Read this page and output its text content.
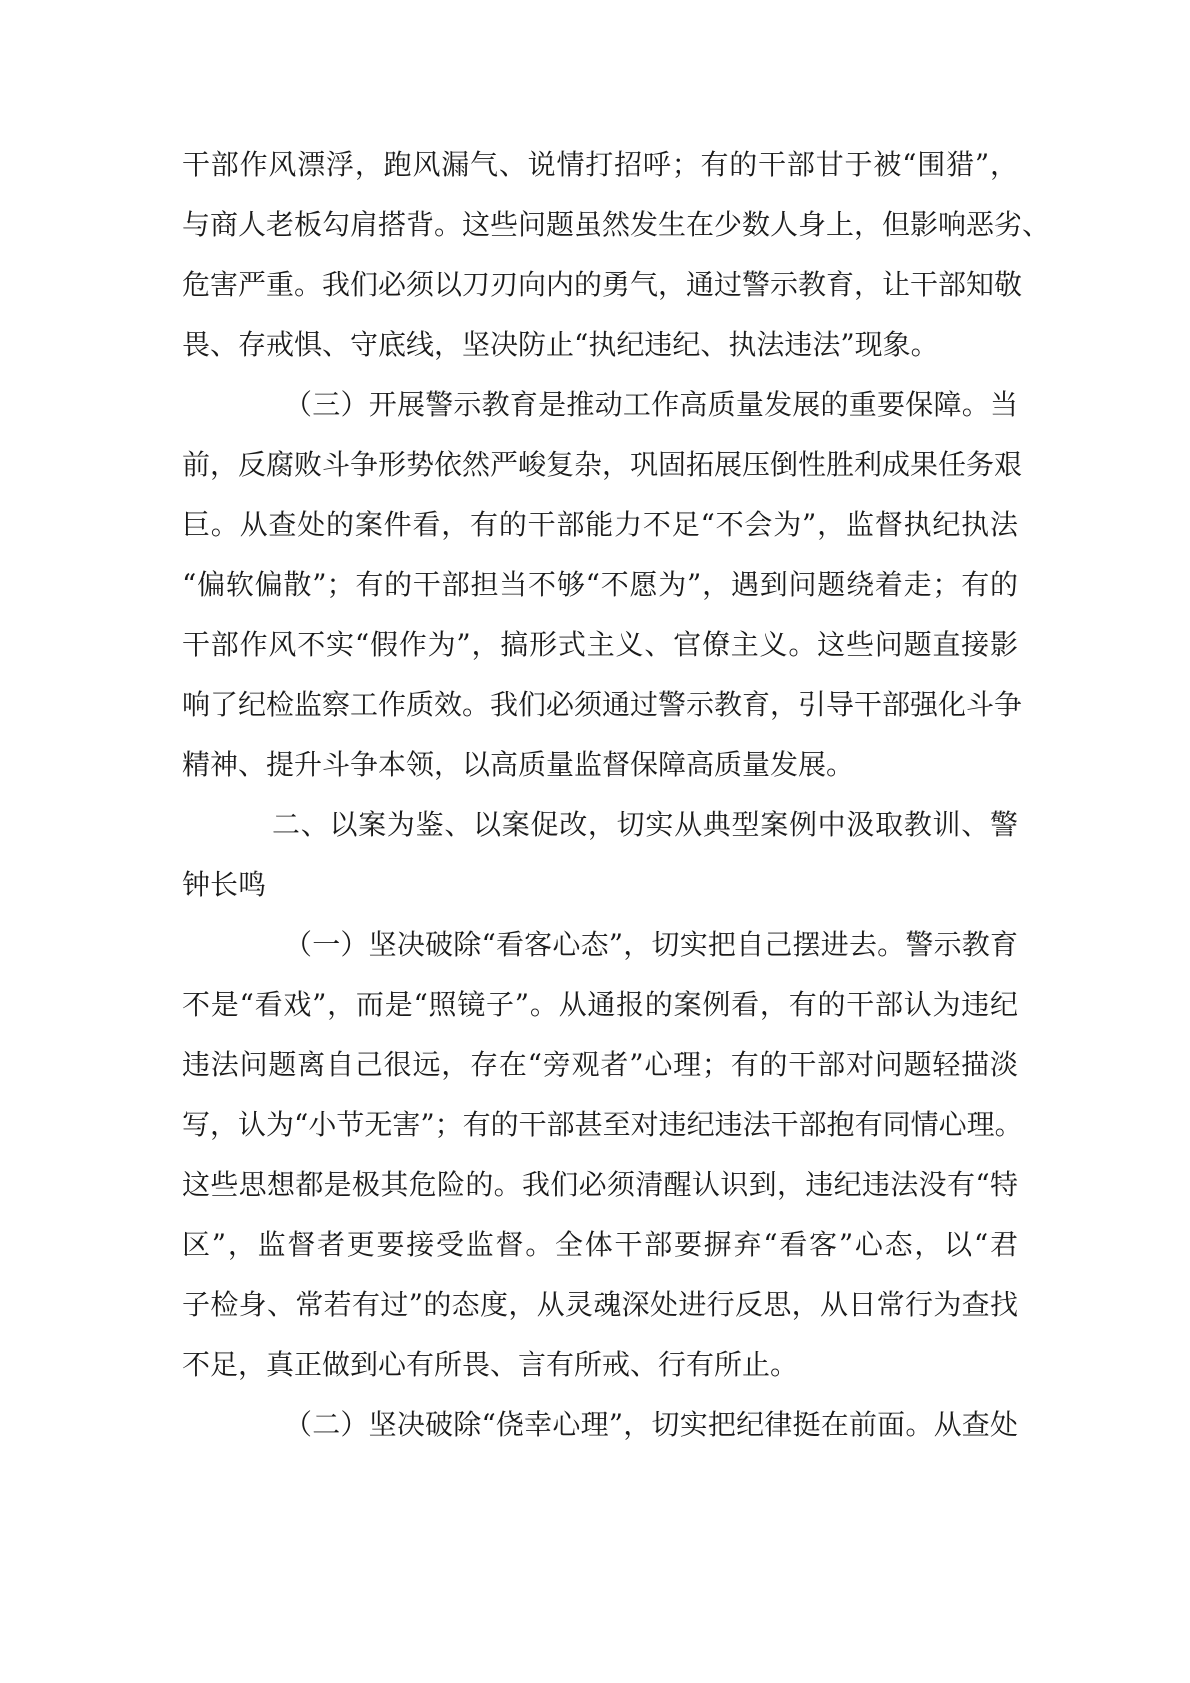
干部作风漂浮，跑风漏气、说情打招呼；有的干部甘于被“围猎”，
与商人老板勾肩搭背。这些问题虽然发生在少数人身上，但影响恶劣、
危害严重。我们必须以刀刃向内的勇气，通过警示教育，让干部知敬
畏、存戒惧、守底线，坚决防止“执纪违纪、执法违法”现象。
（三）开展警示教育是推动工作高质量发展的重要保障。当
前，反腐败斗争形势依然严峻复杂，巩固拓展压倒性胜利成果任务艰
巨。从查处的案件看，有的干部能力不足“不会为”，监督执纪执法
“偏软偏散”；有的干部担当不够“不愿为”，遇到问题绕着走；有的
干部作风不实“假作为”，搞形式主义、官僚主义。这些问题直接影
响了纪检监察工作质效。我们必须通过警示教育，引导干部强化斗争
精神、提升斗争本领，以高质量监督保障高质量发展。
二、以案为鉴、以案促改，切实从典型案例中汲取教训、警
钟长鸣
（一）坚决破除“看客心态”，切实把自己摆进去。警示教育
不是“看戏”，而是“照镜子”。从通报的案例看，有的干部认为违纪
违法问题离自己很远，存在“旁观者”心理；有的干部对问题轻描淡
写，认为“小节无害”；有的干部甚至对违纪违法干部抱有同情心理。
这些思想都是极其危险的。我们必须清醒认识到，违纪违法没有“特
区”，监督者更要接受监督。全体干部要摒弃“看客”心态，以“君
子检身、常若有过”的态度，从灵魂深处进行反思，从日常行为查找
不足，真正做到心有所畏、言有所戒、行有所止。
（二）坚决破除“侥幸心理”，切实把纪律挺在前面。从查处
